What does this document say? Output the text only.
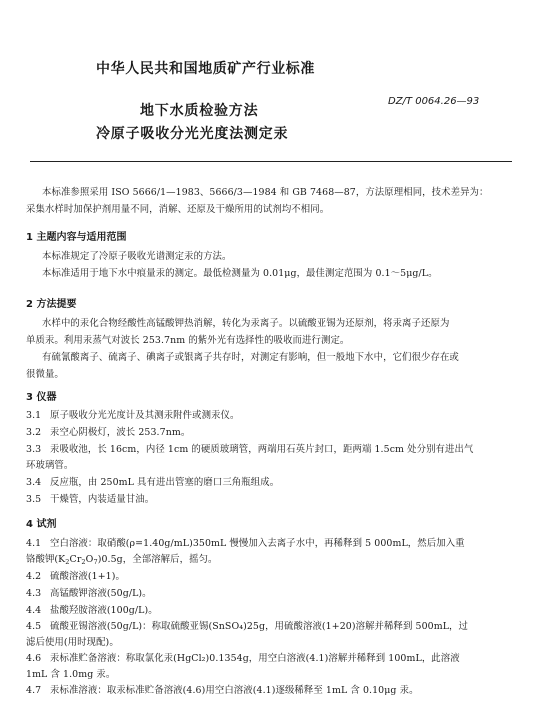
中华人民共和国地质矿产行业标准
地下水质检验方法
DZ/T 0064.26—93
冷原子吸收分光光度法测定汞
本标准参照采用 ISO 5666/1—1983、5666/3—1984 和 GB 7468—87，方法原理相同，技术差异为：
采集水样时加保护剂用量不同，消解、还原及干燥所用的试剂均不相同。
1 主题内容与适用范围
本标准规定了冷原子吸收光谱测定汞的方法。
本标准适用于地下水中痕量汞的测定。最低检测量为 0.01μg，最佳测定范围为 0.1～5μg/L。
2 方法提要
水样中的汞化合物经酸性高锰酸钾热消解，转化为汞离子。以硫酸亚锡为还原剂，将汞离子还原为
单质汞。利用汞蒸气对波长 253.7nm 的紫外光有选择性的吸收而进行测定。
有硫氰酸离子、硫离子、碘离子或银离子共存时，对测定有影响，但一般地下水中，它们很少存在或
很微量。
3 仪器
3.1 原子吸收分光光度计及其测汞附件或测汞仪。
3.2 汞空心阴极灯，波长 253.7nm。
3.3 汞吸收池，长 16cm，内径 1cm 的硬质玻璃管，两端用石英片封口，距两端 1.5cm 处分别有进出气
环玻璃管。
3.4 反应瓶，由 250mL 具有进出管塞的磨口三角瓶组成。
3.5 干燥管，内装适量甘油。
4 试剂
4.1 空白溶液：取硝酸(ρ=1.40g/mL)350mL 慢慢加入去离子水中，再稀释到 5 000mL，然后加入重
铬酸钾$(K_2Cr_2O_7)0.5g$，全部溶解后，摇匀。
4.2 硫酸溶液(1+1)。
4.3 高锰酸钾溶液(50g/L)。
4.4 盐酸羟胺溶液(100g/L)。
4.5 硫酸亚锡溶液(50g/L)：称取硫酸亚锡(SnSO₄)25g，用硫酸溶液(1+20)溶解并稀释到 500mL，过
滤后使用(用时现配)。
4.6 汞标准贮备溶液：称取氯化汞(HgCl₂)0.1354g，用空白溶液(4.1)溶解并稀释到 100mL，此溶液
1mL 含 1.0mg 汞。
4.7 汞标准溶液：取汞标准贮备溶液(4.6)用空白溶液(4.1)逐级稀释至 1mL 含 0.10μg 汞。
